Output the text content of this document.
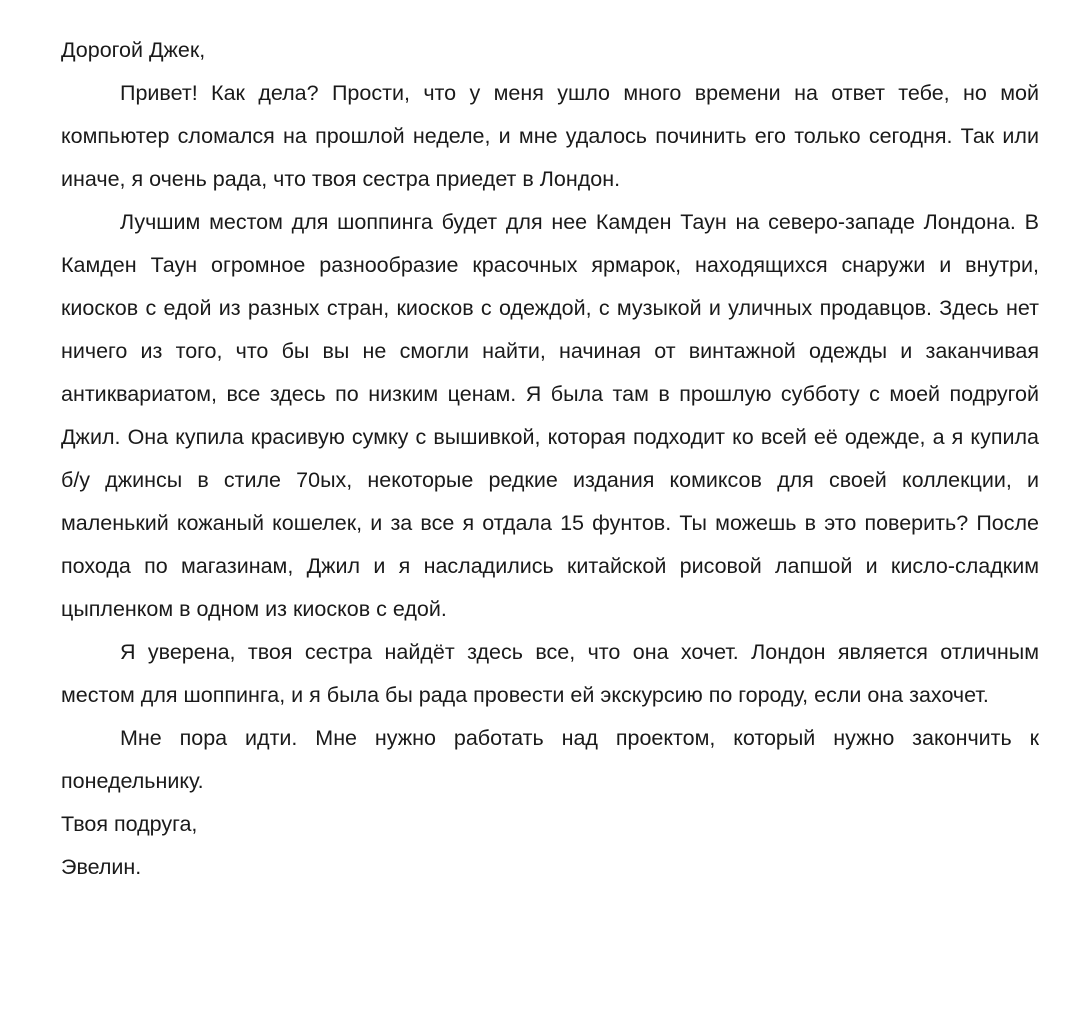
Дорогой Джек,

Привет! Как дела? Прости, что у меня ушло много времени на ответ тебе, но мой компьютер сломался на прошлой неделе, и мне удалось починить его только сегодня. Так или иначе, я очень рада, что твоя сестра приедет в Лондон.

Лучшим местом для шоппинга будет для нее Камден Таун на северо-западе Лондона. В Камден Таун огромное разнообразие красочных ярмарок, находящихся снаружи и внутри, киосков с едой из разных стран, киосков с одеждой, с музыкой и уличных продавцов. Здесь нет ничего из того, что бы вы не смогли найти, начиная от винтажной одежды и заканчивая антиквариатом, все здесь по низким ценам. Я была там в прошлую субботу с моей подругой Джил. Она купила красивую сумку с вышивкой, которая подходит ко всей её одежде, а я купила б/у джинсы в стиле 70ых, некоторые редкие издания комиксов для своей коллекции, и маленький кожаный кошелек, и за все я отдала 15 фунтов. Ты можешь в это поверить? После похода по магазинам, Джил и я насладились китайской рисовой лапшой и кисло-сладким цыпленком в одном из киосков с едой.

Я уверена, твоя сестра найдёт здесь все, что она хочет. Лондон является отличным местом для шоппинга, и я была бы рада провести ей экскурсию по городу, если она захочет.

Мне пора идти. Мне нужно работать над проектом, который нужно закончить к понедельнику.

Твоя подруга,

Эвелин.
